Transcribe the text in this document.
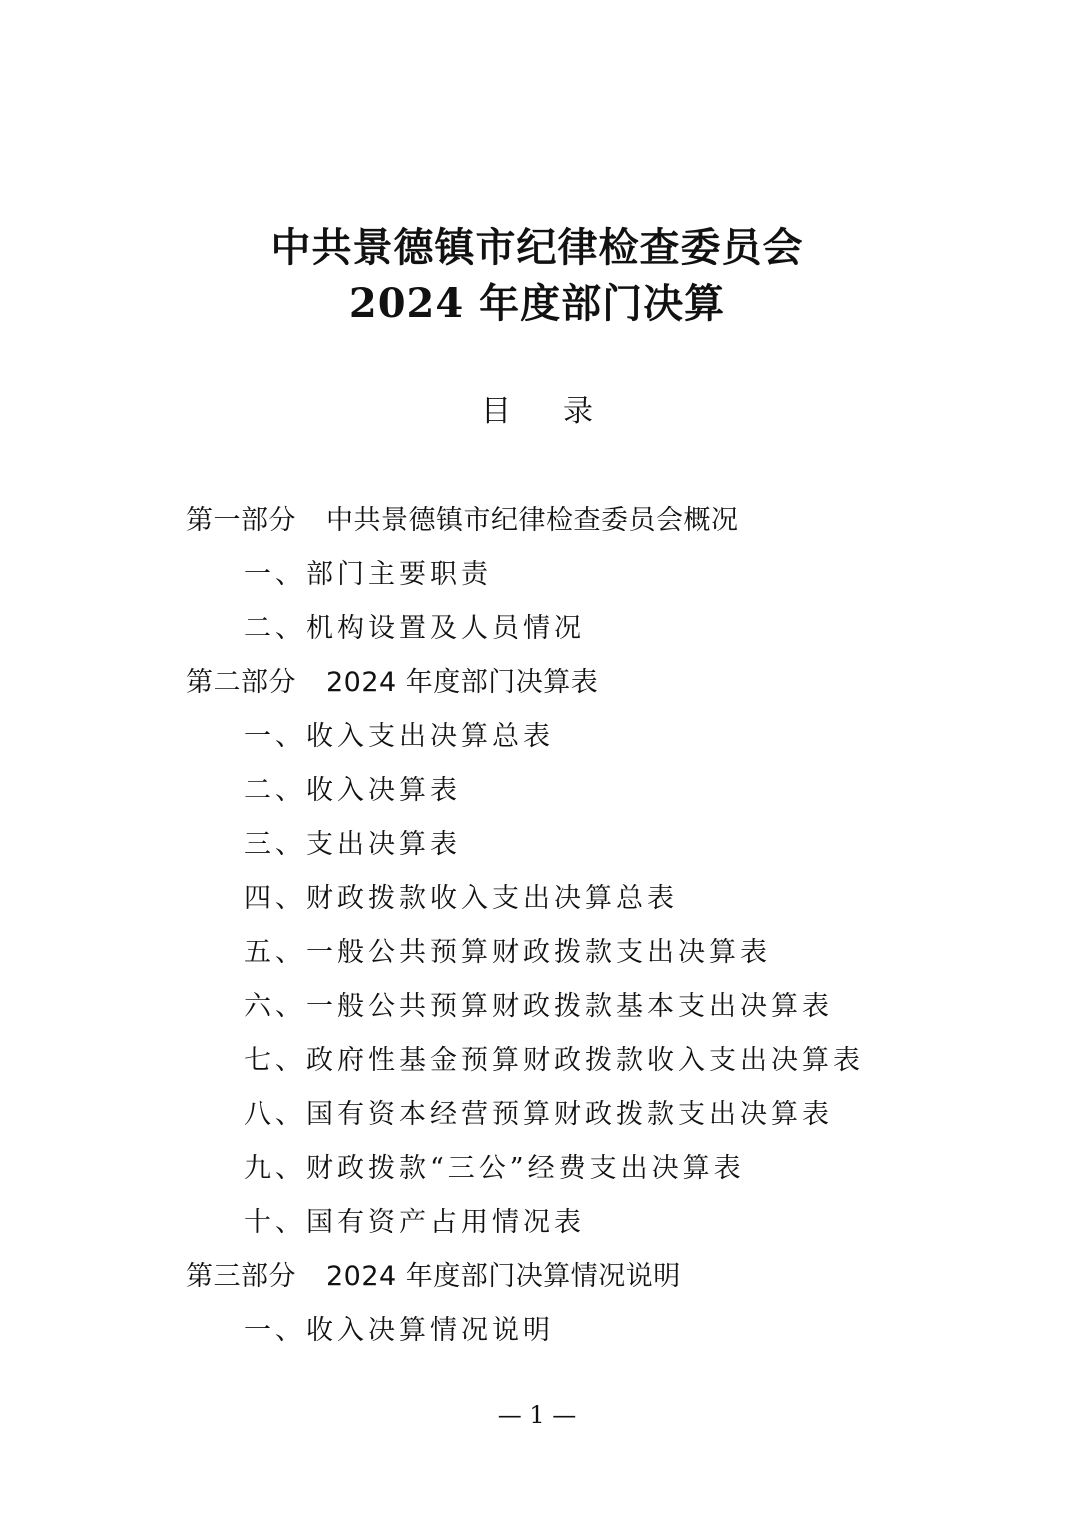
中共景德镇市纪律检查委员会
2024 年度部门决算
目 录
第一部分 中共景德镇市纪律检查委员会概况
一、部门主要职责
二、机构设置及人员情况
第二部分 2024 年度部门决算表
一、收入支出决算总表
二、收入决算表
三、支出决算表
四、财政拨款收入支出决算总表
五、一般公共预算财政拨款支出决算表
六、一般公共预算财政拨款基本支出决算表
七、政府性基金预算财政拨款收入支出决算表
八、国有资本经营预算财政拨款支出决算表
九、财政拨款“三公”经费支出决算表
十、国有资产占用情况表
第三部分 2024 年度部门决算情况说明
一、收入决算情况说明
— 1 —
